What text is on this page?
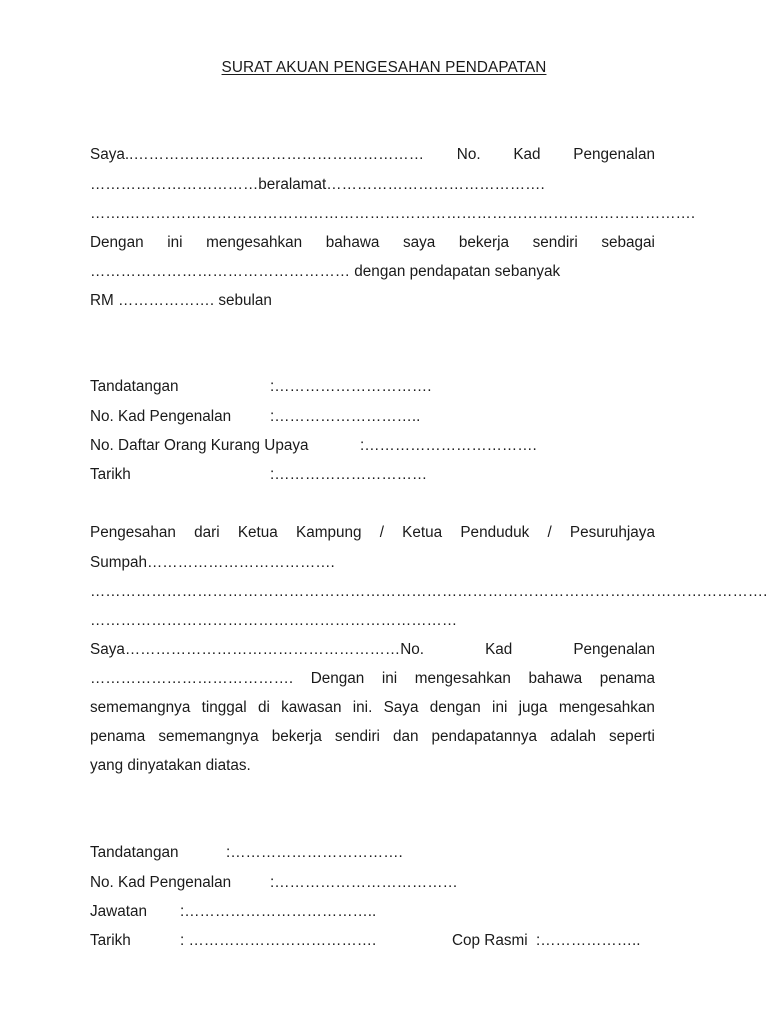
SURAT AKUAN PENGESAHAN PENDAPATAN
Saya..………………………………………………… No. Kad Pengenalan
……………………………beralamat…………………………………….
…….………………………………………………………………………………………………….
Dengan ini mengesahkan bahawa saya bekerja sendiri sebagai
…………………………………………… dengan pendapatan sebanyak
RM ………………. sebulan
Tandatangan	:………………………….
No. Kad Pengenalan	:………………………..
No. Daftar Orang Kurang Upaya	:…………………………….
Tarikh	:…………………………
Pengesahan dari Ketua Kampung / Ketua Penduduk / Pesuruhjaya
Sumpah……………………………….
…………………………………………………………………………………………………………………….
………………………………………………………………
Saya………………………………………………No.	Kad	Pengenalan
…………………………………. Dengan ini mengesahkan bahawa penama
sememangnya tinggal di kawasan ini. Saya dengan ini juga mengesahkan
penama sememangnya bekerja sendiri dan pendapatannya adalah seperti
yang dinyatakan diatas.
Tandatangan	:…………………………….
No. Kad Pengenalan	:………………………………
Jawatan :………………………………..
Tarikh	: ……………………………….	Cop Rasmi :………………..
